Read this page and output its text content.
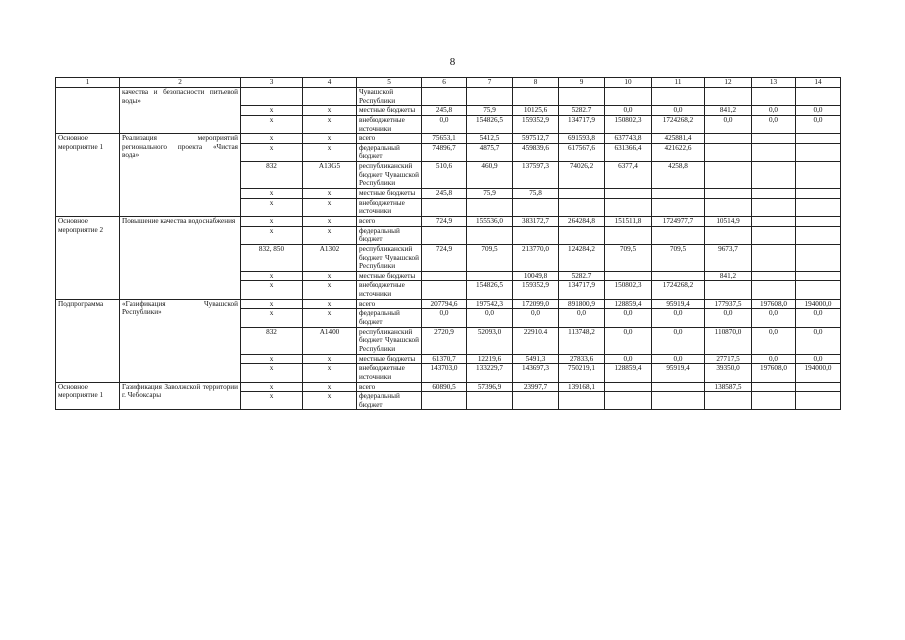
8
1	2	3	4	5	6	7	8	9	10	11	12	13	14
	качества и безопасности питьевой воды»			Чувашской Республики									
		х	х	местные бюджеты	245,8	75,9	10125,6	5282.7	0,0	0,0	841,2	0,0	0,0
		х	х	внебюджетные источники	0,0	154826,5	159352,9	134717,9	150802,3	1724268,2	0,0	0,0	0,0
Основное мероприятие 1	Реализация мероприятий регионального проекта «Чистая вода»	х	х	всего	75653,1	5412,5	597512,7	691593,8	637743,8	425881,4			
		х	х	федеральный бюджет	74896,7	4875,7	459839,6	617567,6	631366,4	421622,6			
		832	А13G5	республиканский бюджет Чувашской Республики	510,6	460,9	137597,3	74026,2	6377,4	4258,8			
		х	х	местные бюджеты	245,8	75,9	75,8						
		х	х	внебюджетные источники									
Основное мероприятие 2	Повышение качества водоснабжения	х	х	всего	724,9	155536,0	383172,7	264284,8	151511,8	1724977,7	10514,9		
		х	х	федеральный бюджет									
		832, 850	А1302	республиканский бюджет Чувашской Республики	724,9	709,5	213770,0	124284,2	709,5	709,5	9673,7		
		х	х	местные бюджеты			10049,8	5282.7			841,2		
		х	х	внебюджетные источники		154826,5	159352,9	134717,9	150802,3	1724268,2			
Подпрограмма	«Газификация Чувашской Республики»	х	х	всего	207794,6	197542,3	172099,0	891800,9	128859,4	95919,4	177937,5	197608,0	194000,0
		х	х	федеральный бюджет	0,0	0,0	0,0	0,0	0,0	0,0	0,0	0,0	0,0
		832	А1400	республиканский бюджет Чувашской Республики	2720,9	52093,0	22910.4	113748,2	0,0	0,0	110870,0	0,0	0,0
		х	х	местные бюджеты	61370,7	12219,6	5491,3	27833,6	0,0	0,0	27717,5	0,0	0,0
		х	х	внебюджетные источники	143703,0	133229,7	143697,3	750219,1	128859,4	95919,4	39350,0	197608,0	194000,0
Основное мероприятие 1	Газификация Заволжской территории г. Чебоксары	х	х	всего	60890,5	57396,9	23997,7	139168,1			138587,5		
		х	х	федеральный бюджет									
